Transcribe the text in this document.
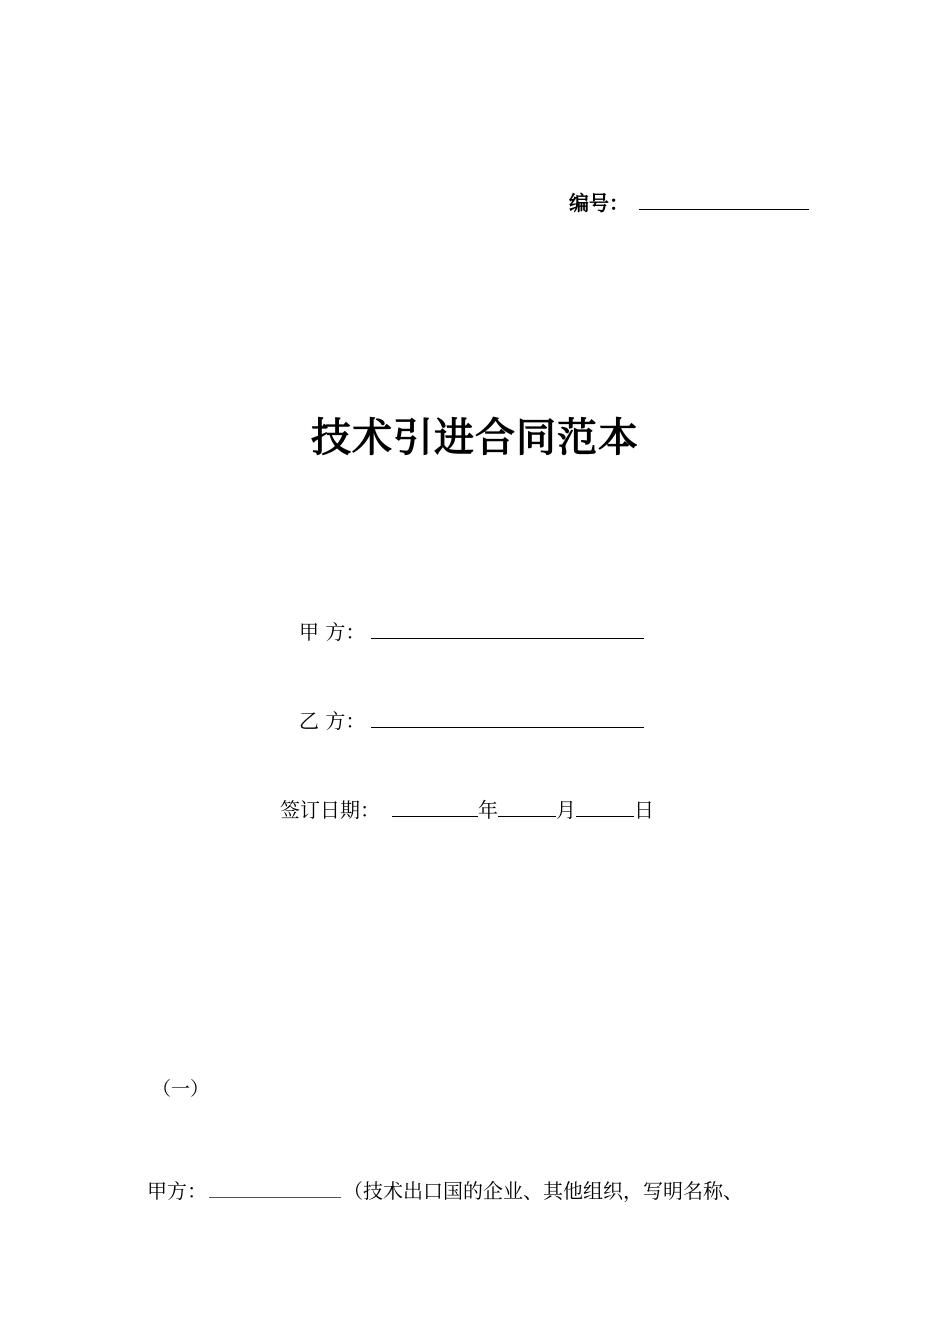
编号：
技术引进合同范本
甲 方：
乙 方：
签订日期：	年	月	日
（一）
甲方：	（技术出口国的企业、其他组织，写明名称、
